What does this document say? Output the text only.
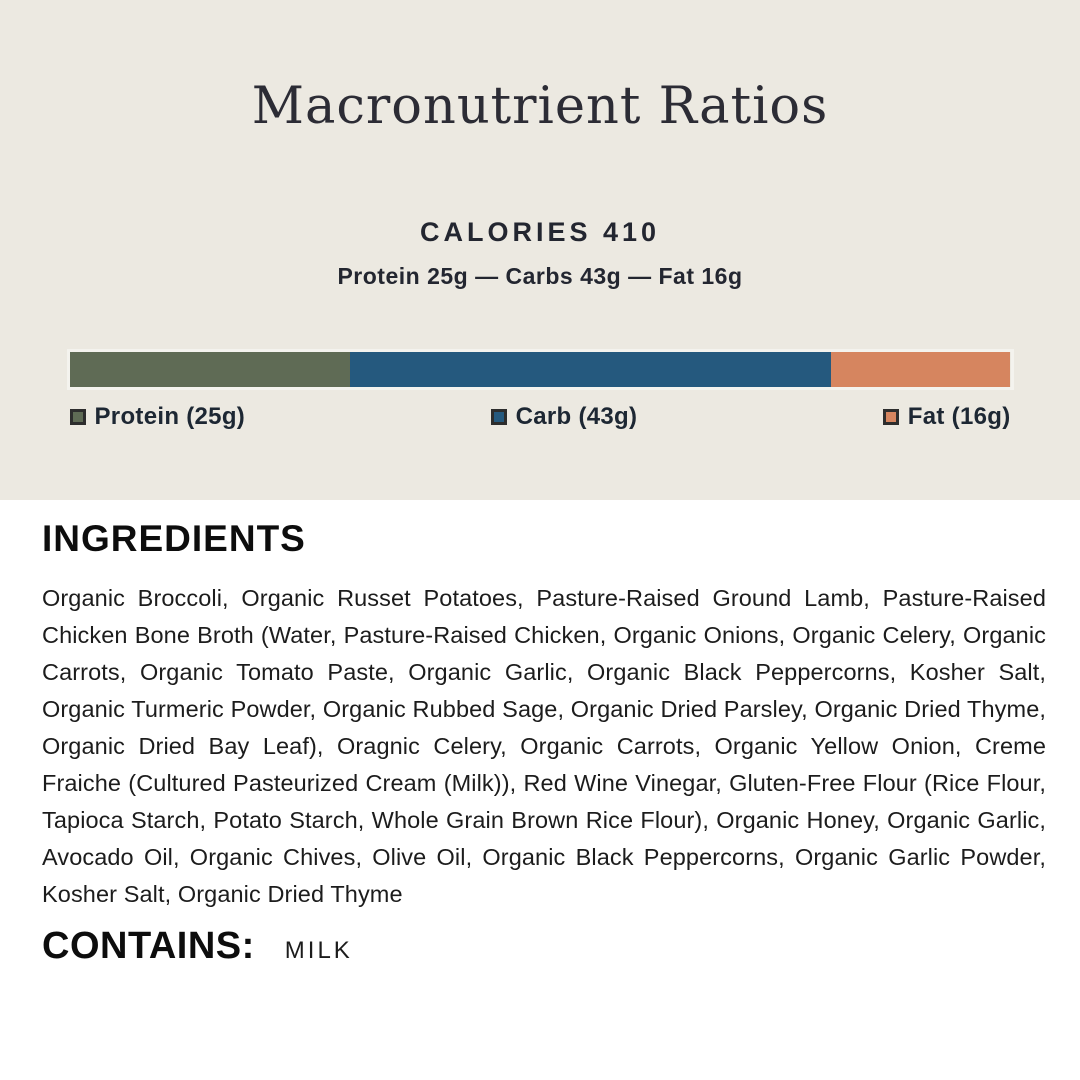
Macronutrient Ratios
CALORIES 410
Protein 25g — Carbs 43g — Fat 16g
Protein (25g)	Carb (43g)	Fat (16g)
INGREDIENTS

Organic Broccoli, Organic Russet Potatoes, Pasture-Raised Ground Lamb, Pasture-Raised Chicken Bone Broth (Water, Pasture-Raised Chicken, Organic Onions, Organic Celery, Organic Carrots, Organic Tomato Paste, Organic Garlic, Organic Black Peppercorns, Kosher Salt, Organic Turmeric Powder, Organic Rubbed Sage, Organic Dried Parsley, Organic Dried Thyme, Organic Dried Bay Leaf), Oragnic Celery, Organic Carrots, Organic Yellow Onion, Creme Fraiche (Cultured Pasteurized Cream (Milk)), Red Wine Vinegar, Gluten-Free Flour (Rice Flour, Tapioca Starch, Potato Starch, Whole Grain Brown Rice Flour), Organic Honey, Organic Garlic, Avocado Oil, Organic Chives, Olive Oil, Organic Black Peppercorns, Organic Garlic Powder, Kosher Salt, Organic Dried Thyme

CONTAINS: MILK
